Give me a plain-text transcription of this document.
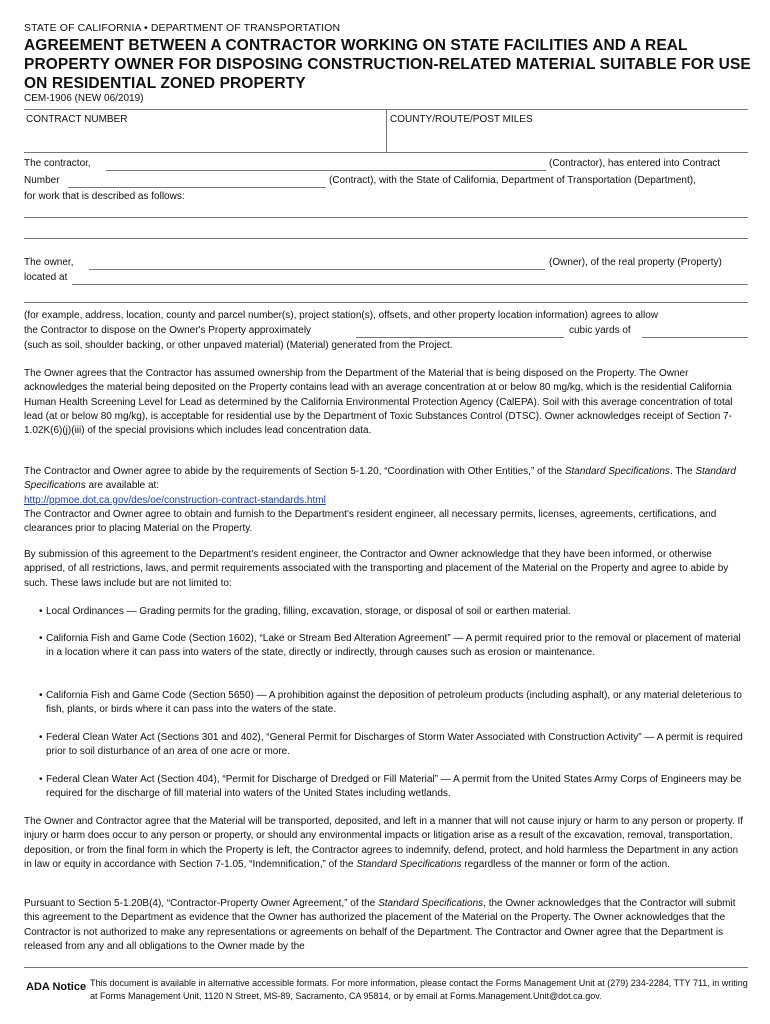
STATE OF CALIFORNIA • DEPARTMENT OF TRANSPORTATION
AGREEMENT BETWEEN A CONTRACTOR WORKING ON STATE FACILITIES AND A REAL PROPERTY OWNER FOR DISPOSING CONSTRUCTION-RELATED MATERIAL SUITABLE FOR USE ON RESIDENTIAL ZONED PROPERTY
CEM-1906 (NEW 06/2019)
CONTRACT NUMBER	COUNTY/ROUTE/POST MILES
The contractor,	(Contractor), has entered into Contract
Number	(Contract), with the State of California, Department of Transportation (Department),
for work that is described as follows:
The owner,	(Owner), of the real property (Property)
located at
(for example, address, location, county and parcel number(s), project station(s), offsets, and other property location information) agrees to allow
the Contractor to dispose on the Owner's Property approximately	cubic yards of
(such as soil, shoulder backing, or other unpaved material) (Material) generated from the Project.
The Owner agrees that the Contractor has assumed ownership from the Department of the Material that is being disposed on the Property. The Owner acknowledges the material being deposited on the Property contains lead with an average concentration at or below 80 mg/kg, which is the residential California Human Health Screening Level for Lead as determined by the California Environmental Protection Agency (CalEPA). Soil with this average concentration of total lead (at or below 80 mg/kg), is acceptable for residential use by the Department of Toxic Substances Control (DTSC). Owner acknowledges receipt of Section 7-1.02K(6)(j)(iii) of the special provisions which includes lead concentration data.

The Contractor and Owner agree to abide by the requirements of Section 5-1.20, “Coordination with Other Entities,” of the Standard Specifications. The Standard Specifications are available at:

http://ppmoe.dot.ca.gov/des/oe/construction-contract-standards.html

The Contractor and Owner agree to obtain and furnish to the Department's resident engineer, all necessary permits, licenses, agreements, certifications, and clearances prior to placing Material on the Property.

By submission of this agreement to the Department's resident engineer, the Contractor and Owner acknowledge that they have been informed, or otherwise apprised, of all restrictions, laws, and permit requirements associated with the transporting and placement of the Material on the Property and agree to abide by such. These laws include but are not limited to:
• Local Ordinances — Grading permits for the grading, filling, excavation, storage, or disposal of soil or earthen material.
• California Fish and Game Code (Section 1602), “Lake or Stream Bed Alteration Agreement” — A permit required prior to the removal or placement of material in a location where it can pass into waters of the state, directly or indirectly, through causes such as erosion or maintenance.
• California Fish and Game Code (Section 5650) — A prohibition against the deposition of petroleum products (including asphalt), or any material deleterious to fish, plants, or birds where it can pass into the waters of the state.
• Federal Clean Water Act (Sections 301 and 402), “General Permit for Discharges of Storm Water Associated with Construction Activity” — A permit is required prior to soil disturbance of an area of one acre or more.
• Federal Clean Water Act (Section 404), “Permit for Discharge of Dredged or Fill Material” — A permit from the United States Army Corps of Engineers may be required for the discharge of fill material into waters of the United States including wetlands.
The Owner and Contractor agree that the Material will be transported, deposited, and left in a manner that will not cause injury or harm to any person or property. If injury or harm does occur to any person or property, or should any environmental impacts or litigation arise as a result of the excavation, removal, transportation, deposition, or from the final form in which the Property is left, the Contractor agrees to indemnify, defend, protect, and hold harmless the Department in any action in law or equity in accordance with Section 7-1.05, “Indemnification,” of the Standard Specifications regardless of the manner or form of the action.
Pursuant to Section 5-1.20B(4), “Contractor-Property Owner Agreement,” of the Standard Specifications, the Owner acknowledges that the Contractor will submit this agreement to the Department as evidence that the Owner has authorized the placement of the Material on the Property. The Owner acknowledges that the Contractor is not authorized to make any representations or agreements on behalf of the Department. The Contractor and Owner agree that the Department is released from any and all obligations to the Owner made by the
ADA Notice This document is available in alternative accessible formats. For more information, please contact the Forms Management Unit at (279) 234-2284, TTY 711, in writing at Forms Management Unit, 1120 N Street, MS-89, Sacramento, CA 95814, or by email at Forms.Management.Unit@dot.ca.gov.
